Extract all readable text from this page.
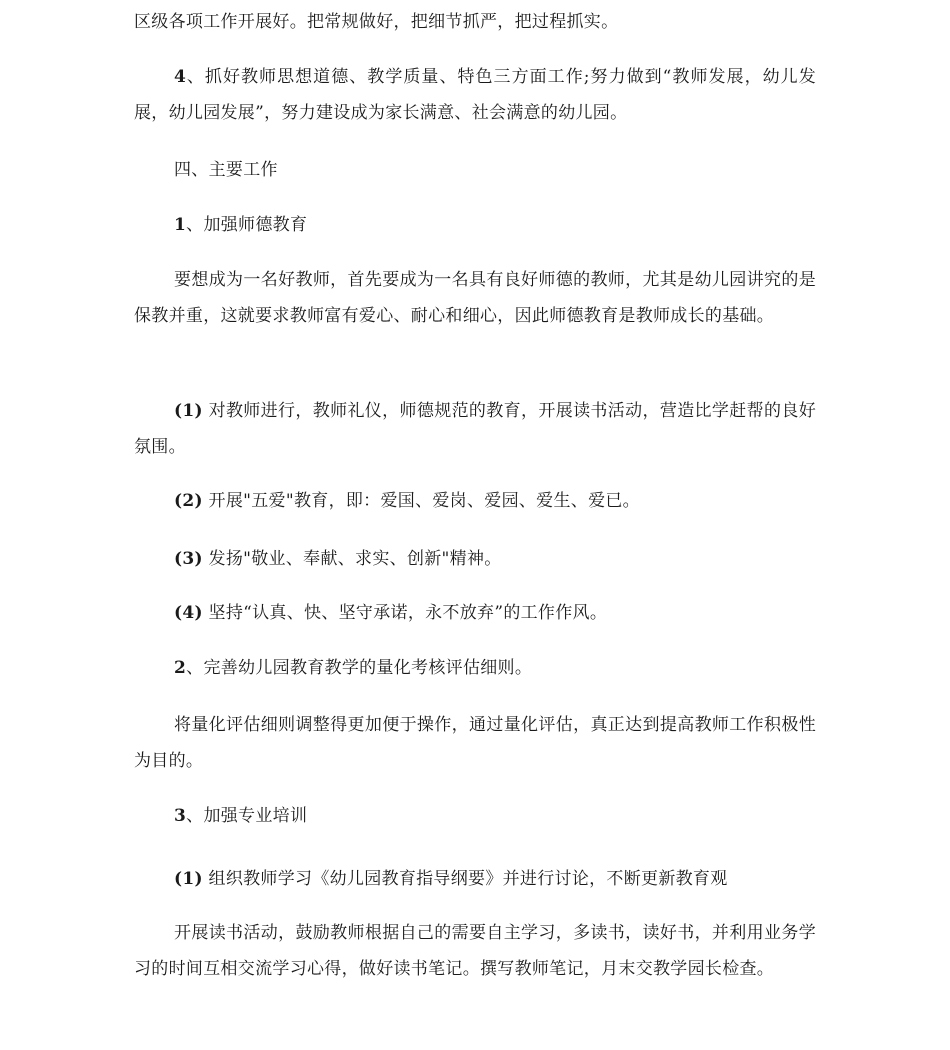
区级各项工作开展好。把常规做好，把细节抓严，把过程抓实。

4、抓好教师思想道德、教学质量、特色三方面工作;努力做到“教师发展，幼儿发展，幼儿园发展”，努力建设成为家长满意、社会满意的幼儿园。

四、主要工作

1、加强师德教育

要想成为一名好教师，首先要成为一名具有良好师德的教师，尤其是幼儿园讲究的是保教并重，这就要求教师富有爱心、耐心和细心，因此师德教育是教师成长的基础。

(1) 对教师进行，教师礼仪，师德规范的教育，开展读书活动，营造比学赶帮的良好氛围。

(2) 开展"五爱"教育，即：爱国、爱岗、爱园、爱生、爱已。

(3) 发扬"敬业、奉献、求实、创新"精神。

(4) 坚持“认真、快、坚守承诺，永不放弃”的工作作风。

2、完善幼儿园教育教学的量化考核评估细则。

将量化评估细则调整得更加便于操作，通过量化评估，真正达到提高教师工作积极性为目的。

3、加强专业培训

(1) 组织教师学习《幼儿园教育指导纲要》并进行讨论，不断更新教育观

开展读书活动，鼓励教师根据自己的需要自主学习，多读书，读好书，并利用业务学习的时间互相交流学习心得，做好读书笔记。撰写教师笔记，月末交教学园长检查。
